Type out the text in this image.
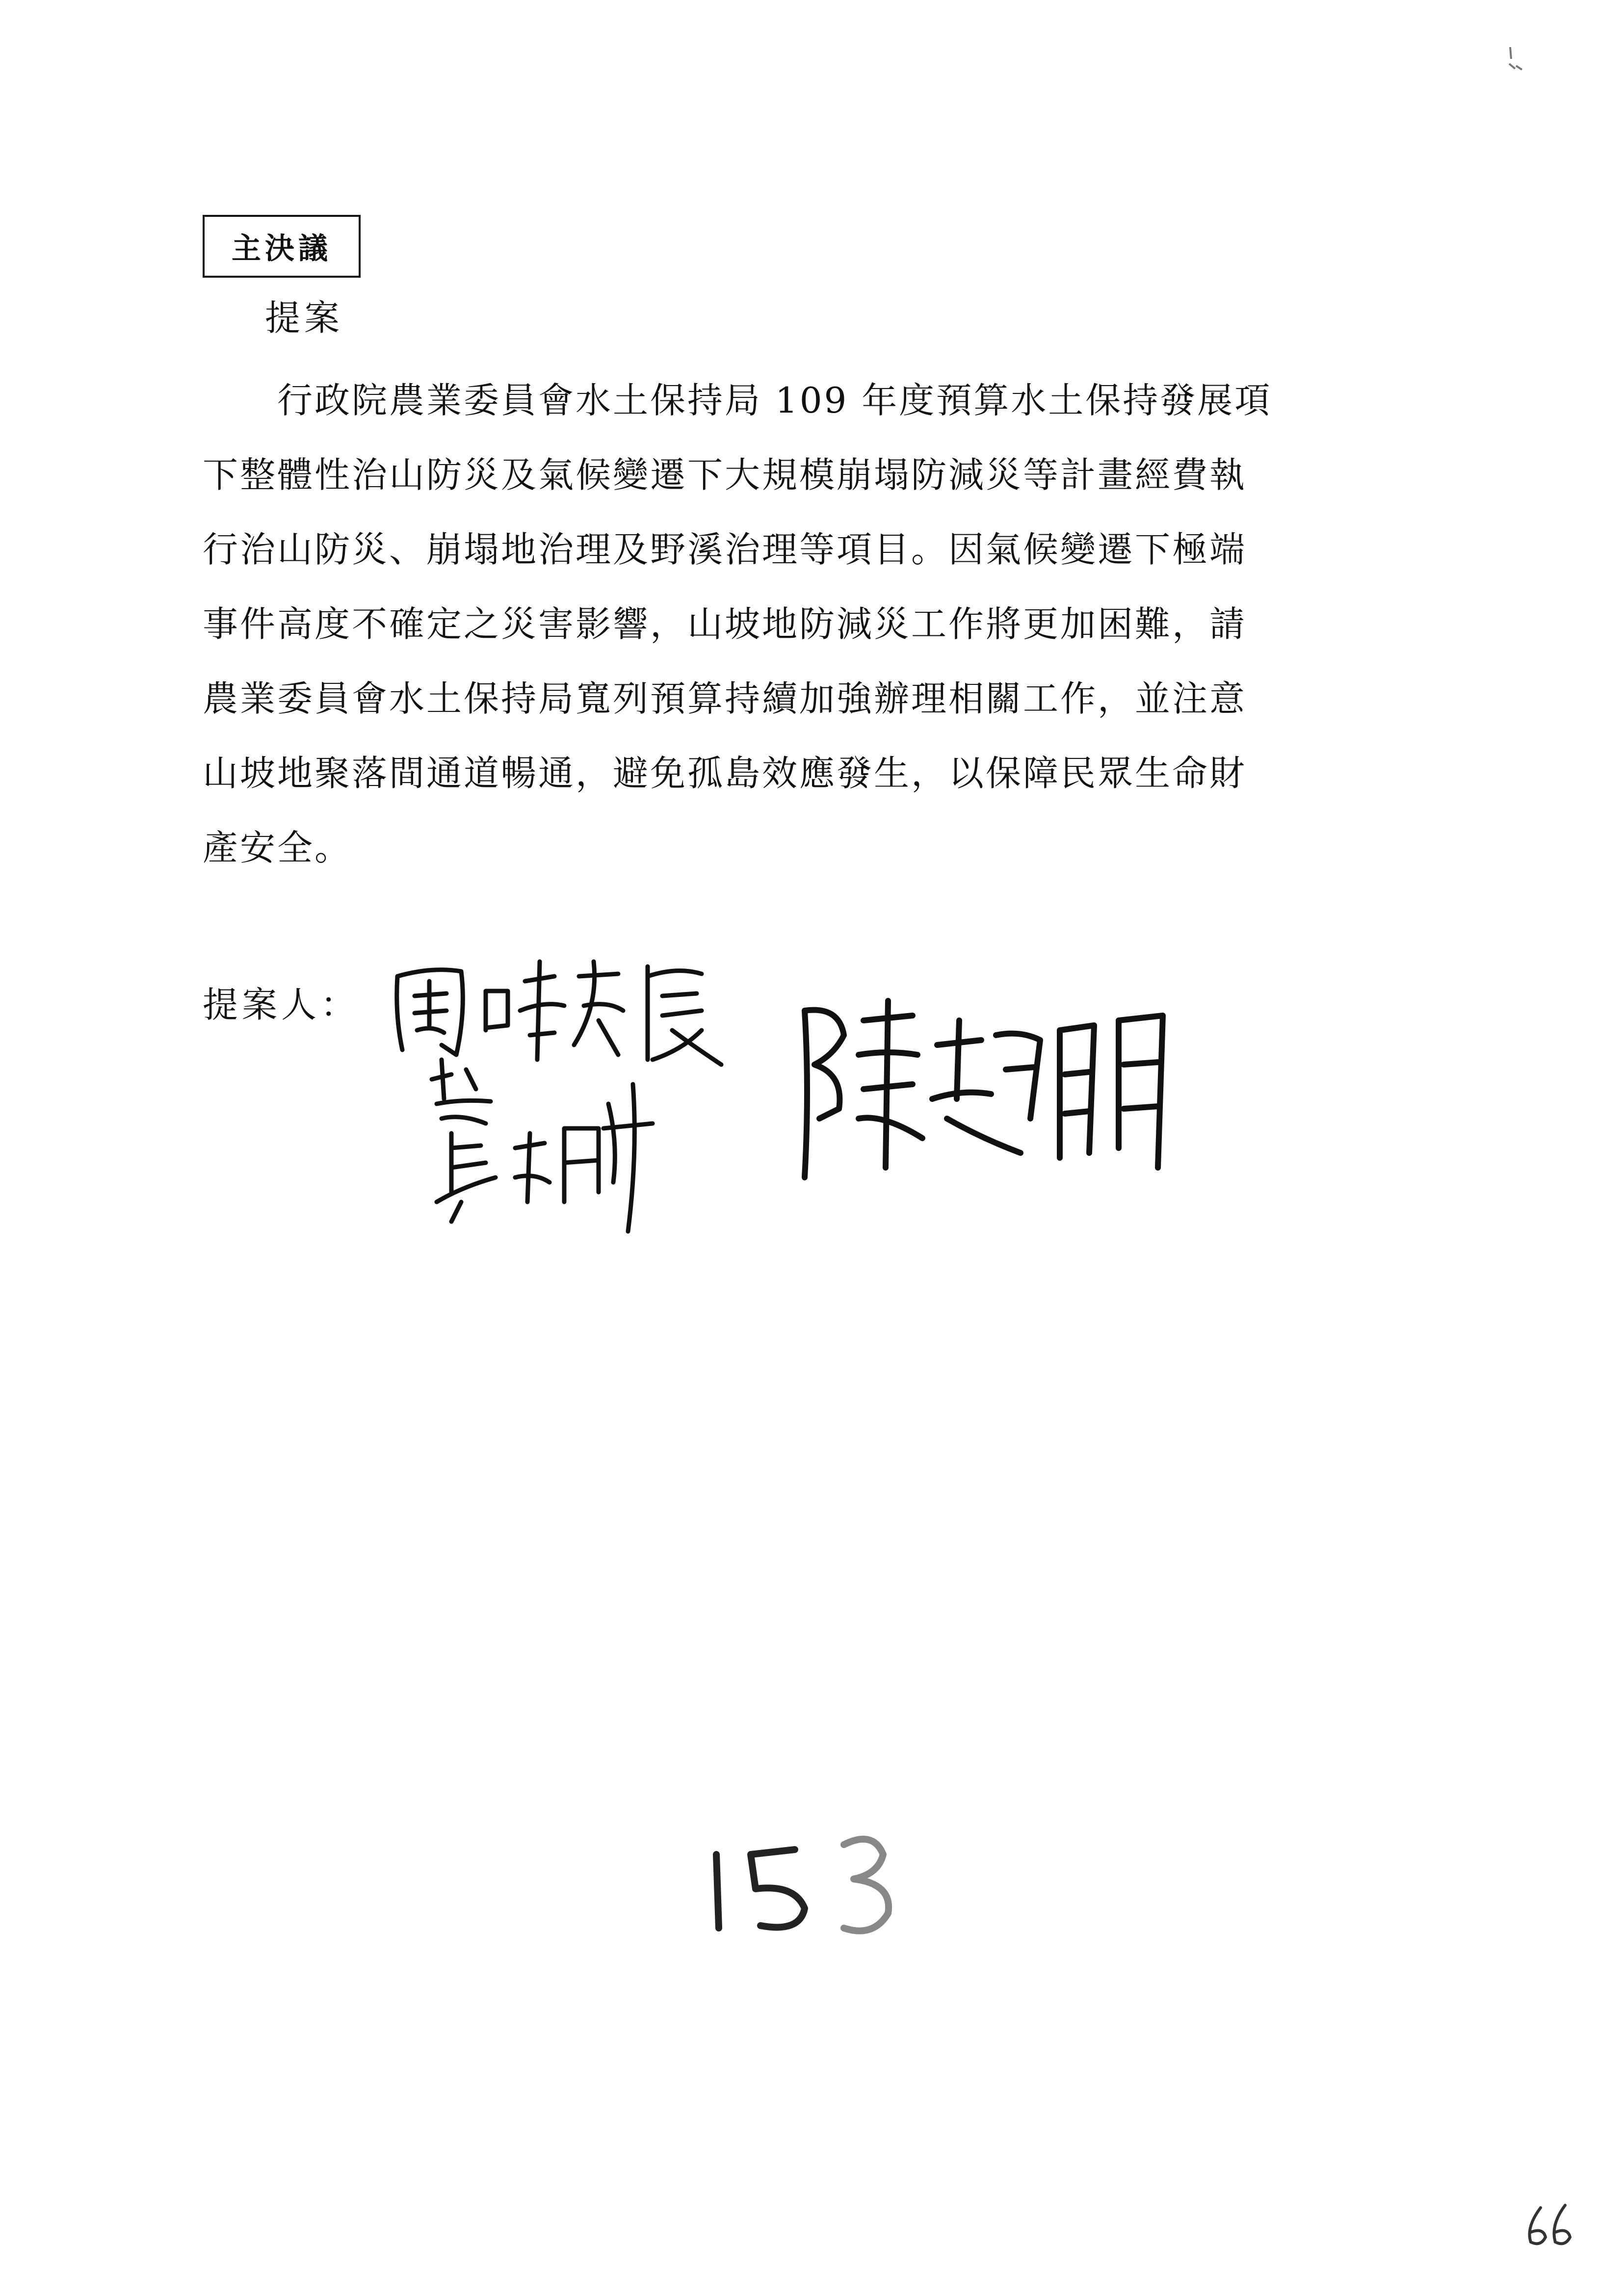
主決議
提案
　　行政院農業委員會水土保持局 109 年度預算水土保持發展項
下整體性治山防災及氣候變遷下大規模崩塌防減災等計畫經費執
行治山防災、崩塌地治理及野溪治理等項目。因氣候變遷下極端
事件高度不確定之災害影響，山坡地防減災工作將更加困難，請
農業委員會水土保持局寬列預算持續加強辦理相關工作，並注意
山坡地聚落間通道暢通，避免孤島效應發生，以保障民眾生命財
產安全。
提案人：
